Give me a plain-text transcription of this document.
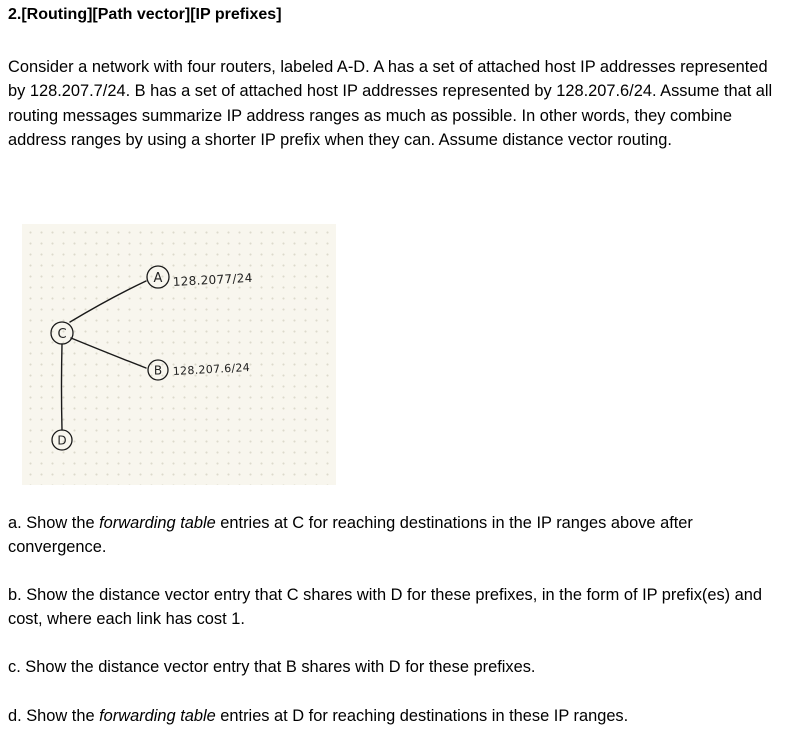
2.[Routing][Path vector][IP prefixes]
Consider a network with four routers, labeled A-D. A has a set of attached host IP addresses represented by 128.207.7/24. B has a set of attached host IP addresses represented by 128.207.6/24. Assume that all routing messages summarize IP address ranges as much as possible. In other words, they combine address ranges by using a shorter IP prefix when they can. Assume distance vector routing.
A 128.2077/24
B 128.207.6/24
C
D
a. Show the forwarding table entries at C for reaching destinations in the IP ranges above after convergence.
b. Show the distance vector entry that C shares with D for these prefixes, in the form of IP prefix(es) and cost, where each link has cost 1.
c. Show the distance vector entry that B shares with D for these prefixes.
d. Show the forwarding table entries at D for reaching destinations in these IP ranges.
